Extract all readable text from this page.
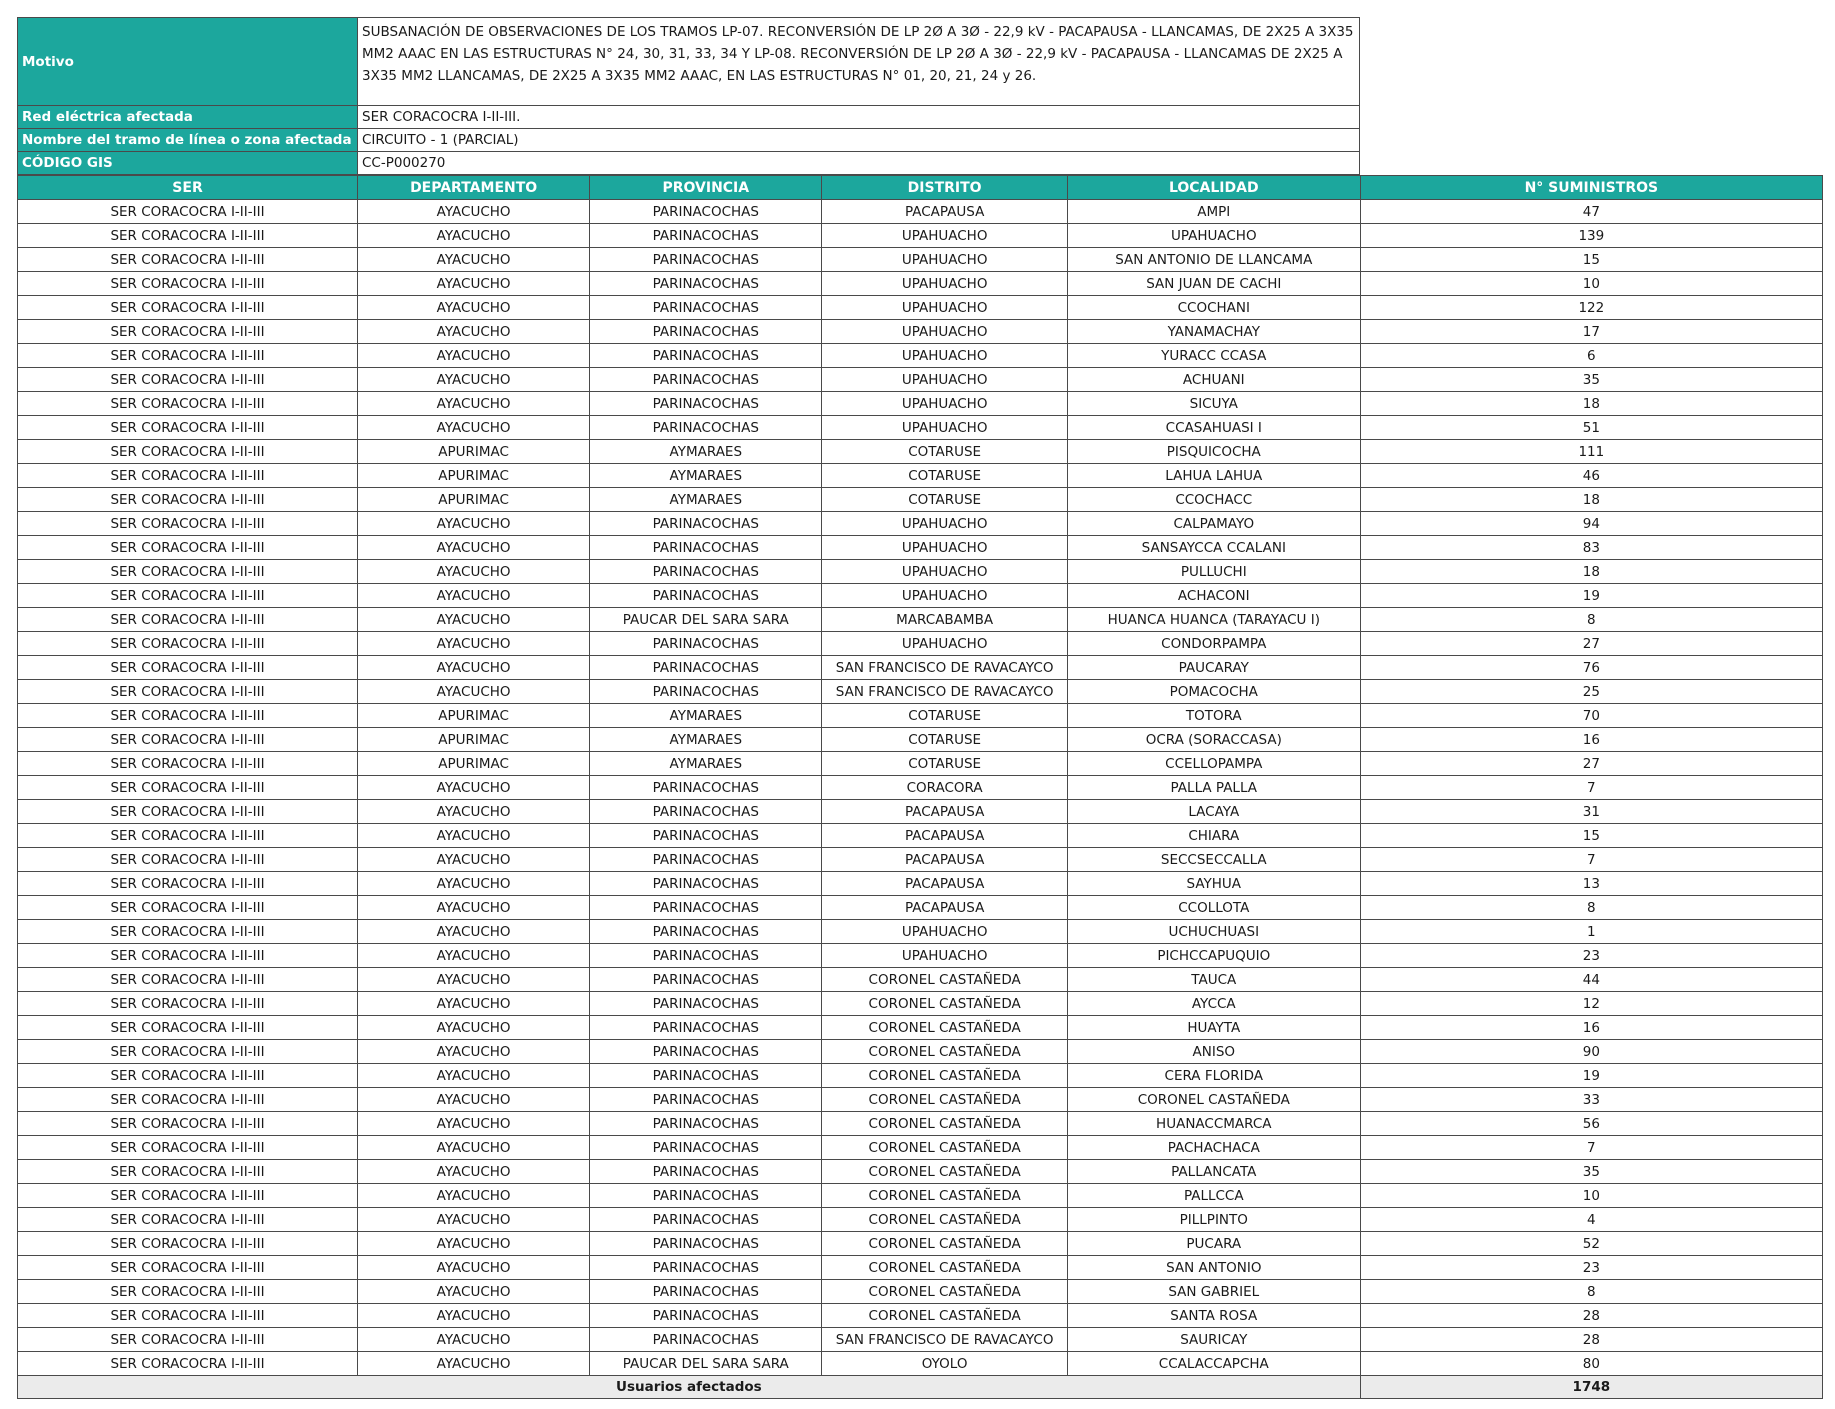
Motivo	SUBSANACIÓN DE OBSERVACIONES DE LOS TRAMOS LP-07. RECONVERSIÓN DE LP 2Ø A 3Ø - 22,9 kV - PACAPAUSA - LLANCAMAS, DE 2X25 A 3X35 MM2 AAAC EN LAS ESTRUCTURAS N° 24, 30, 31, 33, 34 Y LP-08. RECONVERSIÓN DE LP 2Ø A 3Ø - 22,9 kV - PACAPAUSA - LLANCAMAS DE 2X25 A 3X35 MM2 LLANCAMAS, DE 2X25 A 3X35 MM2 AAAC, EN LAS ESTRUCTURAS N° 01, 20, 21, 24 y 26.
Red eléctrica afectada	SER CORACOCRA I-II-III.
Nombre del tramo de línea o zona afectada	CIRCUITO - 1 (PARCIAL)
CÓDIGO GIS	CC-P000270
SER	DEPARTAMENTO	PROVINCIA	DISTRITO	LOCALIDAD	N° SUMINISTROS
SER CORACOCRA I-II-III	AYACUCHO	PARINACOCHAS	PACAPAUSA	AMPI	47
SER CORACOCRA I-II-III	AYACUCHO	PARINACOCHAS	UPAHUACHO	UPAHUACHO	139
SER CORACOCRA I-II-III	AYACUCHO	PARINACOCHAS	UPAHUACHO	SAN ANTONIO DE LLANCAMA	15
SER CORACOCRA I-II-III	AYACUCHO	PARINACOCHAS	UPAHUACHO	SAN JUAN DE CACHI	10
SER CORACOCRA I-II-III	AYACUCHO	PARINACOCHAS	UPAHUACHO	CCOCHANI	122
SER CORACOCRA I-II-III	AYACUCHO	PARINACOCHAS	UPAHUACHO	YANAMACHAY	17
SER CORACOCRA I-II-III	AYACUCHO	PARINACOCHAS	UPAHUACHO	YURACC CCASA	6
SER CORACOCRA I-II-III	AYACUCHO	PARINACOCHAS	UPAHUACHO	ACHUANI	35
SER CORACOCRA I-II-III	AYACUCHO	PARINACOCHAS	UPAHUACHO	SICUYA	18
SER CORACOCRA I-II-III	AYACUCHO	PARINACOCHAS	UPAHUACHO	CCASAHUASI I	51
SER CORACOCRA I-II-III	APURIMAC	AYMARAES	COTARUSE	PISQUICOCHA	111
SER CORACOCRA I-II-III	APURIMAC	AYMARAES	COTARUSE	LAHUA LAHUA	46
SER CORACOCRA I-II-III	APURIMAC	AYMARAES	COTARUSE	CCOCHACC	18
SER CORACOCRA I-II-III	AYACUCHO	PARINACOCHAS	UPAHUACHO	CALPAMAYO	94
SER CORACOCRA I-II-III	AYACUCHO	PARINACOCHAS	UPAHUACHO	SANSAYCCA CCALANI	83
SER CORACOCRA I-II-III	AYACUCHO	PARINACOCHAS	UPAHUACHO	PULLUCHI	18
SER CORACOCRA I-II-III	AYACUCHO	PARINACOCHAS	UPAHUACHO	ACHACONI	19
SER CORACOCRA I-II-III	AYACUCHO	PAUCAR DEL SARA SARA	MARCABAMBA	HUANCA HUANCA (TARAYACU I)	8
SER CORACOCRA I-II-III	AYACUCHO	PARINACOCHAS	UPAHUACHO	CONDORPAMPA	27
SER CORACOCRA I-II-III	AYACUCHO	PARINACOCHAS	SAN FRANCISCO DE RAVACAYCO	PAUCARAY	76
SER CORACOCRA I-II-III	AYACUCHO	PARINACOCHAS	SAN FRANCISCO DE RAVACAYCO	POMACOCHA	25
SER CORACOCRA I-II-III	APURIMAC	AYMARAES	COTARUSE	TOTORA	70
SER CORACOCRA I-II-III	APURIMAC	AYMARAES	COTARUSE	OCRA (SORACCASA)	16
SER CORACOCRA I-II-III	APURIMAC	AYMARAES	COTARUSE	CCELLOPAMPA	27
SER CORACOCRA I-II-III	AYACUCHO	PARINACOCHAS	CORACORA	PALLA PALLA	7
SER CORACOCRA I-II-III	AYACUCHO	PARINACOCHAS	PACAPAUSA	LACAYA	31
SER CORACOCRA I-II-III	AYACUCHO	PARINACOCHAS	PACAPAUSA	CHIARA	15
SER CORACOCRA I-II-III	AYACUCHO	PARINACOCHAS	PACAPAUSA	SECCSECCALLA	7
SER CORACOCRA I-II-III	AYACUCHO	PARINACOCHAS	PACAPAUSA	SAYHUA	13
SER CORACOCRA I-II-III	AYACUCHO	PARINACOCHAS	PACAPAUSA	CCOLLOTA	8
SER CORACOCRA I-II-III	AYACUCHO	PARINACOCHAS	UPAHUACHO	UCHUCHUASI	1
SER CORACOCRA I-II-III	AYACUCHO	PARINACOCHAS	UPAHUACHO	PICHCCAPUQUIO	23
SER CORACOCRA I-II-III	AYACUCHO	PARINACOCHAS	CORONEL CASTAÑEDA	TAUCA	44
SER CORACOCRA I-II-III	AYACUCHO	PARINACOCHAS	CORONEL CASTAÑEDA	AYCCA	12
SER CORACOCRA I-II-III	AYACUCHO	PARINACOCHAS	CORONEL CASTAÑEDA	HUAYTA	16
SER CORACOCRA I-II-III	AYACUCHO	PARINACOCHAS	CORONEL CASTAÑEDA	ANISO	90
SER CORACOCRA I-II-III	AYACUCHO	PARINACOCHAS	CORONEL CASTAÑEDA	CERA FLORIDA	19
SER CORACOCRA I-II-III	AYACUCHO	PARINACOCHAS	CORONEL CASTAÑEDA	CORONEL CASTAÑEDA	33
SER CORACOCRA I-II-III	AYACUCHO	PARINACOCHAS	CORONEL CASTAÑEDA	HUANACCMARCA	56
SER CORACOCRA I-II-III	AYACUCHO	PARINACOCHAS	CORONEL CASTAÑEDA	PACHACHACA	7
SER CORACOCRA I-II-III	AYACUCHO	PARINACOCHAS	CORONEL CASTAÑEDA	PALLANCATA	35
SER CORACOCRA I-II-III	AYACUCHO	PARINACOCHAS	CORONEL CASTAÑEDA	PALLCCA	10
SER CORACOCRA I-II-III	AYACUCHO	PARINACOCHAS	CORONEL CASTAÑEDA	PILLPINTO	4
SER CORACOCRA I-II-III	AYACUCHO	PARINACOCHAS	CORONEL CASTAÑEDA	PUCARA	52
SER CORACOCRA I-II-III	AYACUCHO	PARINACOCHAS	CORONEL CASTAÑEDA	SAN ANTONIO	23
SER CORACOCRA I-II-III	AYACUCHO	PARINACOCHAS	CORONEL CASTAÑEDA	SAN GABRIEL	8
SER CORACOCRA I-II-III	AYACUCHO	PARINACOCHAS	CORONEL CASTAÑEDA	SANTA ROSA	28
SER CORACOCRA I-II-III	AYACUCHO	PARINACOCHAS	SAN FRANCISCO DE RAVACAYCO	SAURICAY	28
SER CORACOCRA I-II-III	AYACUCHO	PAUCAR DEL SARA SARA	OYOLO	CCALACCAPCHA	80
Usuarios afectados					1748
